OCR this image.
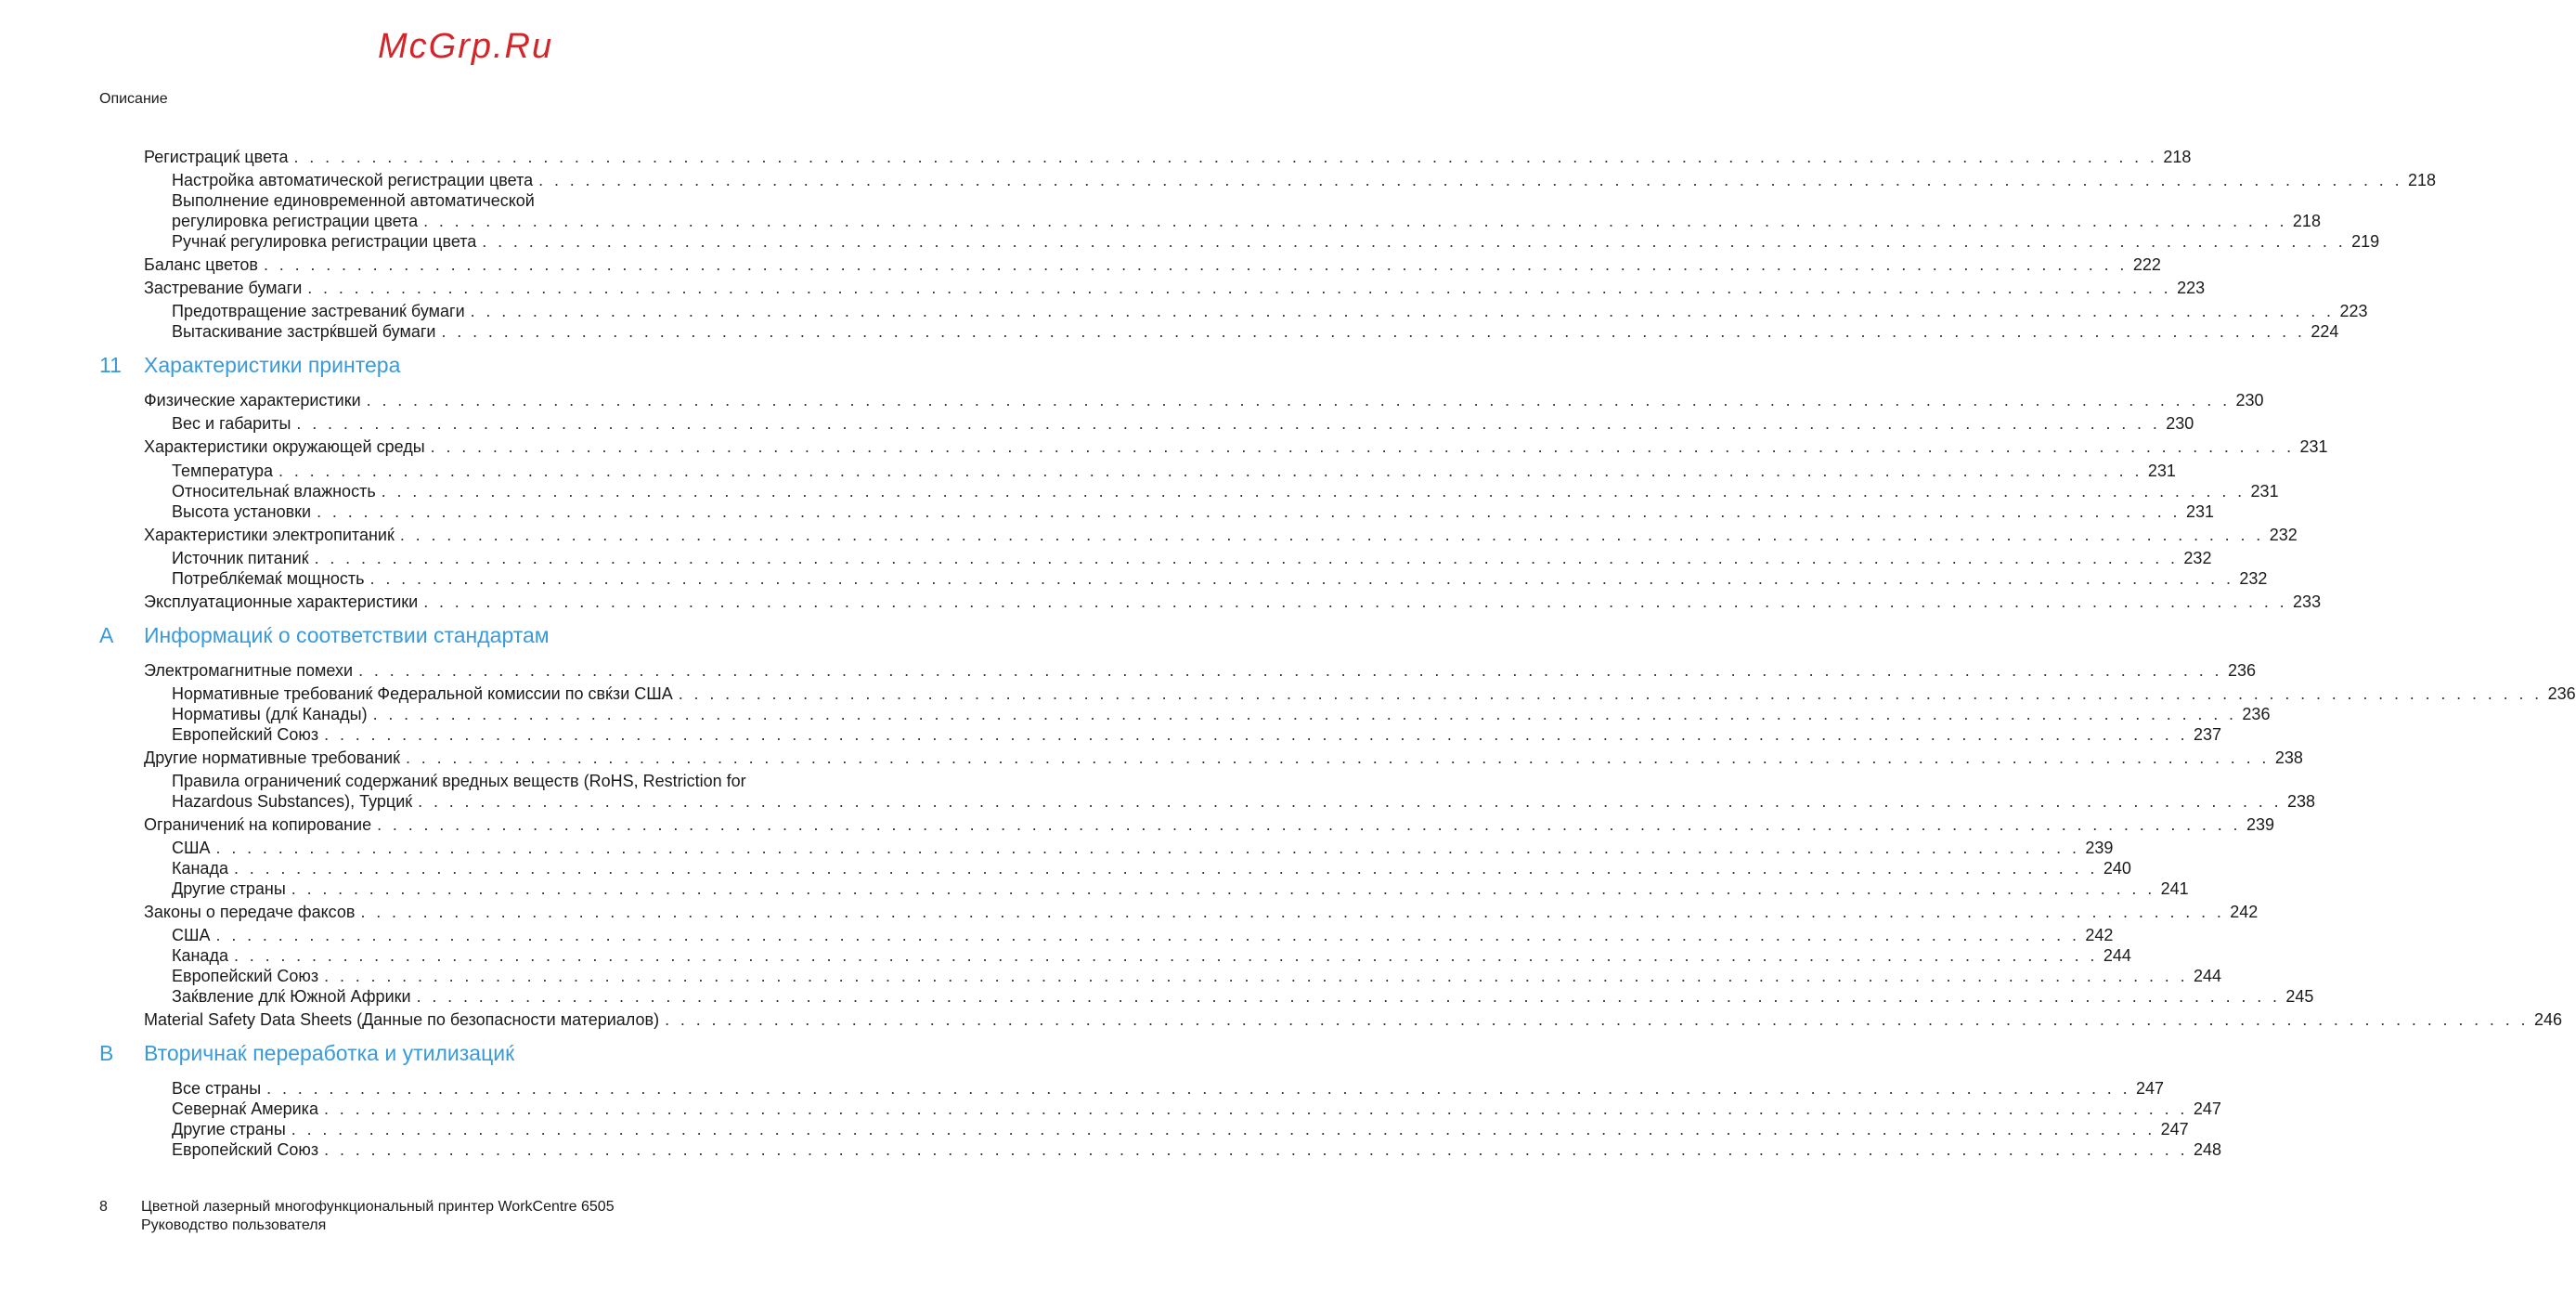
McGrp.Ru
Описание
Регистрациќ цвета . . . . . . . . . . . . . . . . . . . . . . . . . . . . . . . . . . . . . . . . . . . . . . . . . . . . . . . . . . . . . . . . . . . . . . . . . . . . . . . . . . . . . . . . . . . . . . . . . . . . . . . . . . . . . . . . . . . . . . . . 218
Настройка автоматической регистрации цвета . . . . . . . . . . . . . . . . . . . . . . . . . . . . . . . . . . . . . . . . . . . . . . . . . . . . . . . . . . . . . . . . . . . . . . . . . . . . . . . . . . . . . . . . . . . . . . . . . . . . . . . . . . . . . . . . . . . . . . . . 218
Выполнение единовременной автоматической
регулировка регистрации цвета . . . . . . . . . . . . . . . . . . . . . . . . . . . . . . . . . . . . . . . . . . . . . . . . . . . . . . . . . . . . . . . . . . . . . . . . . . . . . . . . . . . . . . . . . . . . . . . . . . . . . . . . . . . . . . . . . . . . . . . . 218
Ручнаќ регулировка регистрации цвета . . . . . . . . . . . . . . . . . . . . . . . . . . . . . . . . . . . . . . . . . . . . . . . . . . . . . . . . . . . . . . . . . . . . . . . . . . . . . . . . . . . . . . . . . . . . . . . . . . . . . . . . . . . . . . . . . . . . . . . . 219
Баланс цветов . . . . . . . . . . . . . . . . . . . . . . . . . . . . . . . . . . . . . . . . . . . . . . . . . . . . . . . . . . . . . . . . . . . . . . . . . . . . . . . . . . . . . . . . . . . . . . . . . . . . . . . . . . . . . . . . . . . . . . . . 222
Застревание бумаги . . . . . . . . . . . . . . . . . . . . . . . . . . . . . . . . . . . . . . . . . . . . . . . . . . . . . . . . . . . . . . . . . . . . . . . . . . . . . . . . . . . . . . . . . . . . . . . . . . . . . . . . . . . . . . . . . . . . . . . . 223
Предотвращение застреваниќ бумаги . . . . . . . . . . . . . . . . . . . . . . . . . . . . . . . . . . . . . . . . . . . . . . . . . . . . . . . . . . . . . . . . . . . . . . . . . . . . . . . . . . . . . . . . . . . . . . . . . . . . . . . . . . . . . . . . . . . . . . . . 223
Вытаскивание застрќвшей бумаги . . . . . . . . . . . . . . . . . . . . . . . . . . . . . . . . . . . . . . . . . . . . . . . . . . . . . . . . . . . . . . . . . . . . . . . . . . . . . . . . . . . . . . . . . . . . . . . . . . . . . . . . . . . . . . . . . . . . . . . . 224
11 Характеристики принтера
Физические характеристики . . . . . . . . . . . . . . . . . . . . . . . . . . . . . . . . . . . . . . . . . . . . . . . . . . . . . . . . . . . . . . . . . . . . . . . . . . . . . . . . . . . . . . . . . . . . . . . . . . . . . . . . . . . . . . . . . . . . . . . . 230
Вес и габариты . . . . . . . . . . . . . . . . . . . . . . . . . . . . . . . . . . . . . . . . . . . . . . . . . . . . . . . . . . . . . . . . . . . . . . . . . . . . . . . . . . . . . . . . . . . . . . . . . . . . . . . . . . . . . . . . . . . . . . . . 230
Характеристики окружающей среды . . . . . . . . . . . . . . . . . . . . . . . . . . . . . . . . . . . . . . . . . . . . . . . . . . . . . . . . . . . . . . . . . . . . . . . . . . . . . . . . . . . . . . . . . . . . . . . . . . . . . . . . . . . . . . . . . . . . . . . . 231
Температура . . . . . . . . . . . . . . . . . . . . . . . . . . . . . . . . . . . . . . . . . . . . . . . . . . . . . . . . . . . . . . . . . . . . . . . . . . . . . . . . . . . . . . . . . . . . . . . . . . . . . . . . . . . . . . . . . . . . . . . . 231
Относительнаќ влажность . . . . . . . . . . . . . . . . . . . . . . . . . . . . . . . . . . . . . . . . . . . . . . . . . . . . . . . . . . . . . . . . . . . . . . . . . . . . . . . . . . . . . . . . . . . . . . . . . . . . . . . . . . . . . . . . . . . . . . . . 231
Высота установки . . . . . . . . . . . . . . . . . . . . . . . . . . . . . . . . . . . . . . . . . . . . . . . . . . . . . . . . . . . . . . . . . . . . . . . . . . . . . . . . . . . . . . . . . . . . . . . . . . . . . . . . . . . . . . . . . . . . . . . . 231
Характеристики электропитаниќ . . . . . . . . . . . . . . . . . . . . . . . . . . . . . . . . . . . . . . . . . . . . . . . . . . . . . . . . . . . . . . . . . . . . . . . . . . . . . . . . . . . . . . . . . . . . . . . . . . . . . . . . . . . . . . . . . . . . . . . . 232
Источник питаниќ . . . . . . . . . . . . . . . . . . . . . . . . . . . . . . . . . . . . . . . . . . . . . . . . . . . . . . . . . . . . . . . . . . . . . . . . . . . . . . . . . . . . . . . . . . . . . . . . . . . . . . . . . . . . . . . . . . . . . . . . 232
Потреблќемаќ мощность . . . . . . . . . . . . . . . . . . . . . . . . . . . . . . . . . . . . . . . . . . . . . . . . . . . . . . . . . . . . . . . . . . . . . . . . . . . . . . . . . . . . . . . . . . . . . . . . . . . . . . . . . . . . . . . . . . . . . . . . 232
Эксплуатационные характеристики . . . . . . . . . . . . . . . . . . . . . . . . . . . . . . . . . . . . . . . . . . . . . . . . . . . . . . . . . . . . . . . . . . . . . . . . . . . . . . . . . . . . . . . . . . . . . . . . . . . . . . . . . . . . . . . . . . . . . . . . 233
A Информациќ о соответствии стандартам
Электромагнитные помехи . . . . . . . . . . . . . . . . . . . . . . . . . . . . . . . . . . . . . . . . . . . . . . . . . . . . . . . . . . . . . . . . . . . . . . . . . . . . . . . . . . . . . . . . . . . . . . . . . . . . . . . . . . . . . . . . . . . . . . . . 236
Нормативные требованиќ Федеральной комиссии по свќзи США . . . . . . . . . . . . . . . . . . . . . . . . . . . . . . . . . . . . . . . . . . . . . . . . . . . . . . . . . . . . . . . . . . . . . . . . . . . . . . . . . . . . . . . . . . . . . . . . . . . . . . . . . . . . . . . . . . . . . . . . 236
Нормативы (длќ Канады) . . . . . . . . . . . . . . . . . . . . . . . . . . . . . . . . . . . . . . . . . . . . . . . . . . . . . . . . . . . . . . . . . . . . . . . . . . . . . . . . . . . . . . . . . . . . . . . . . . . . . . . . . . . . . . . . . . . . . . . . 236
Европейский Союз . . . . . . . . . . . . . . . . . . . . . . . . . . . . . . . . . . . . . . . . . . . . . . . . . . . . . . . . . . . . . . . . . . . . . . . . . . . . . . . . . . . . . . . . . . . . . . . . . . . . . . . . . . . . . . . . . . . . . . . . 237
Другие нормативные требованиќ . . . . . . . . . . . . . . . . . . . . . . . . . . . . . . . . . . . . . . . . . . . . . . . . . . . . . . . . . . . . . . . . . . . . . . . . . . . . . . . . . . . . . . . . . . . . . . . . . . . . . . . . . . . . . . . . . . . . . . . . 238
Правила ограничениќ содержаниќ вредных веществ (RoHS, Restriction for
Hazardous Substances), Турциќ . . . . . . . . . . . . . . . . . . . . . . . . . . . . . . . . . . . . . . . . . . . . . . . . . . . . . . . . . . . . . . . . . . . . . . . . . . . . . . . . . . . . . . . . . . . . . . . . . . . . . . . . . . . . . . . . . . . . . . . . 238
Ограничениќ на копирование . . . . . . . . . . . . . . . . . . . . . . . . . . . . . . . . . . . . . . . . . . . . . . . . . . . . . . . . . . . . . . . . . . . . . . . . . . . . . . . . . . . . . . . . . . . . . . . . . . . . . . . . . . . . . . . . . . . . . . . . 239
США . . . . . . . . . . . . . . . . . . . . . . . . . . . . . . . . . . . . . . . . . . . . . . . . . . . . . . . . . . . . . . . . . . . . . . . . . . . . . . . . . . . . . . . . . . . . . . . . . . . . . . . . . . . . . . . . . . . . . . . . 239
Канада . . . . . . . . . . . . . . . . . . . . . . . . . . . . . . . . . . . . . . . . . . . . . . . . . . . . . . . . . . . . . . . . . . . . . . . . . . . . . . . . . . . . . . . . . . . . . . . . . . . . . . . . . . . . . . . . . . . . . . . . 240
Другие страны . . . . . . . . . . . . . . . . . . . . . . . . . . . . . . . . . . . . . . . . . . . . . . . . . . . . . . . . . . . . . . . . . . . . . . . . . . . . . . . . . . . . . . . . . . . . . . . . . . . . . . . . . . . . . . . . . . . . . . . . 241
Законы о передаче факсов . . . . . . . . . . . . . . . . . . . . . . . . . . . . . . . . . . . . . . . . . . . . . . . . . . . . . . . . . . . . . . . . . . . . . . . . . . . . . . . . . . . . . . . . . . . . . . . . . . . . . . . . . . . . . . . . . . . . . . . . 242
США . . . . . . . . . . . . . . . . . . . . . . . . . . . . . . . . . . . . . . . . . . . . . . . . . . . . . . . . . . . . . . . . . . . . . . . . . . . . . . . . . . . . . . . . . . . . . . . . . . . . . . . . . . . . . . . . . . . . . . . . 242
Канада . . . . . . . . . . . . . . . . . . . . . . . . . . . . . . . . . . . . . . . . . . . . . . . . . . . . . . . . . . . . . . . . . . . . . . . . . . . . . . . . . . . . . . . . . . . . . . . . . . . . . . . . . . . . . . . . . . . . . . . . 244
Европейский Союз . . . . . . . . . . . . . . . . . . . . . . . . . . . . . . . . . . . . . . . . . . . . . . . . . . . . . . . . . . . . . . . . . . . . . . . . . . . . . . . . . . . . . . . . . . . . . . . . . . . . . . . . . . . . . . . . . . . . . . . . 244
Заќвление длќ Южной Африки . . . . . . . . . . . . . . . . . . . . . . . . . . . . . . . . . . . . . . . . . . . . . . . . . . . . . . . . . . . . . . . . . . . . . . . . . . . . . . . . . . . . . . . . . . . . . . . . . . . . . . . . . . . . . . . . . . . . . . . . 245
Material Safety Data Sheets (Данные по безопасности материалов) . . . . . . . . . . . . . . . . . . . . . . . . . . . . . . . . . . . . . . . . . . . . . . . . . . . . . . . . . . . . . . . . . . . . . . . . . . . . . . . . . . . . . . . . . . . . . . . . . . . . . . . . . . . . . . . . . . . . . . . . 246
B Вторичнаќ переработка и утилизациќ
Все страны . . . . . . . . . . . . . . . . . . . . . . . . . . . . . . . . . . . . . . . . . . . . . . . . . . . . . . . . . . . . . . . . . . . . . . . . . . . . . . . . . . . . . . . . . . . . . . . . . . . . . . . . . . . . . . . . . . . . . . . . 247
Севернаќ Америка . . . . . . . . . . . . . . . . . . . . . . . . . . . . . . . . . . . . . . . . . . . . . . . . . . . . . . . . . . . . . . . . . . . . . . . . . . . . . . . . . . . . . . . . . . . . . . . . . . . . . . . . . . . . . . . . . . . . . . . . 247
Другие страны . . . . . . . . . . . . . . . . . . . . . . . . . . . . . . . . . . . . . . . . . . . . . . . . . . . . . . . . . . . . . . . . . . . . . . . . . . . . . . . . . . . . . . . . . . . . . . . . . . . . . . . . . . . . . . . . . . . . . . . . 247
Европейский Союз . . . . . . . . . . . . . . . . . . . . . . . . . . . . . . . . . . . . . . . . . . . . . . . . . . . . . . . . . . . . . . . . . . . . . . . . . . . . . . . . . . . . . . . . . . . . . . . . . . . . . . . . . . . . . . . . . . . . . . . . 248
8 Цветной лазерный многофункциональный принтер WorkCentre 6505
Руководство пользователя
